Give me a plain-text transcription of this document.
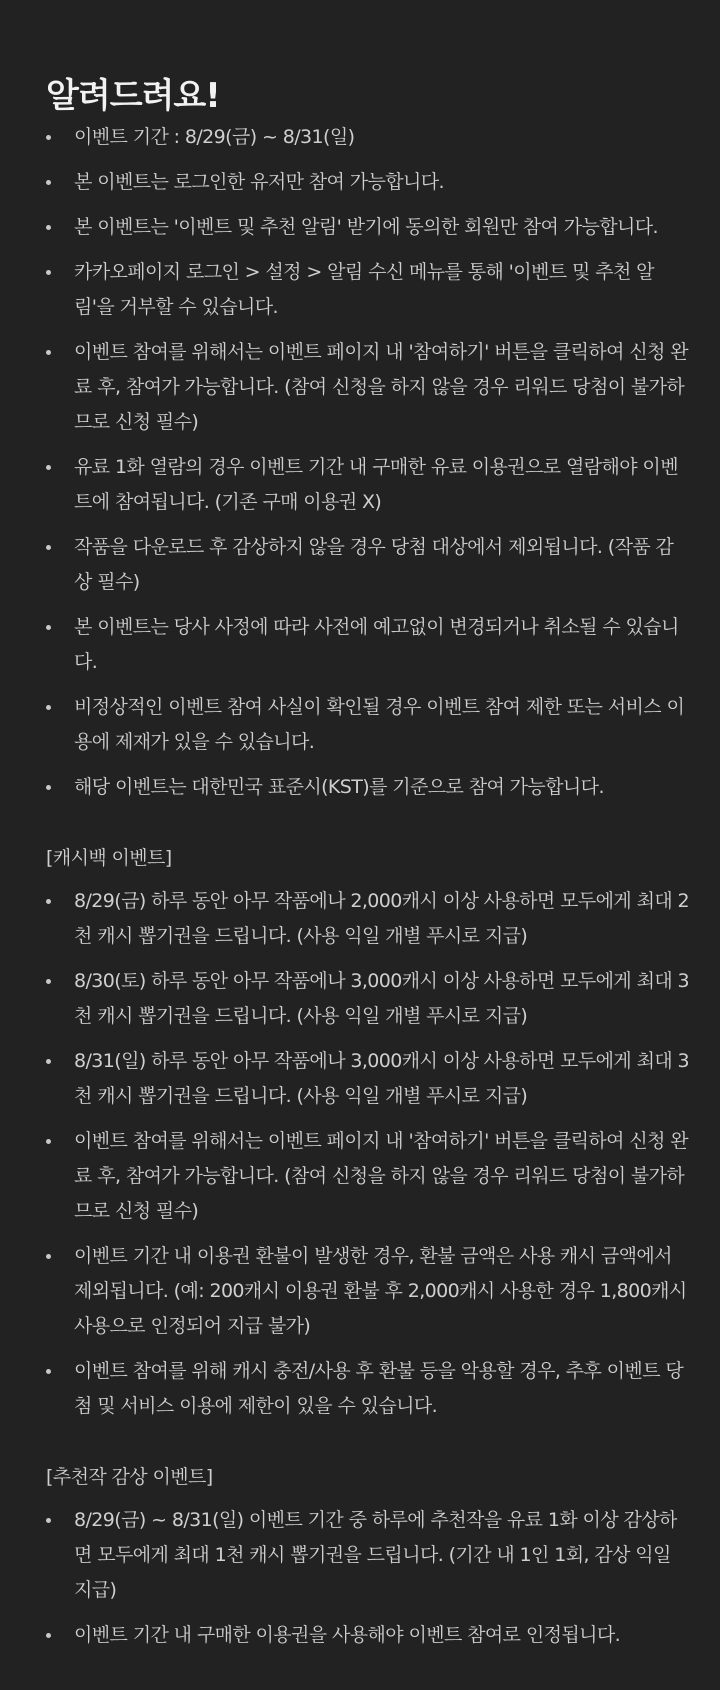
알려드려요!
이벤트 기간 : 8/29(금) ~ 8/31(일)
본 이벤트는 로그인한 유저만 참여 가능합니다.
본 이벤트는 '이벤트 및 추천 알림' 받기에 동의한 회원만 참여 가능합니다.
카카오페이지 로그인 > 설정 > 알림 수신 메뉴를 통해 '이벤트 및 추천 알림'을 거부할 수 있습니다.
이벤트 참여를 위해서는 이벤트 페이지 내 '참여하기' 버튼을 클릭하여 신청 완료 후, 참여가 가능합니다. (참여 신청을 하지 않을 경우 리워드 당첨이 불가하므로 신청 필수)
유료 1화 열람의 경우 이벤트 기간 내 구매한 유료 이용권으로 열람해야 이벤트에 참여됩니다. (기존 구매 이용권 X)
작품을 다운로드 후 감상하지 않을 경우 당첨 대상에서 제외됩니다. (작품 감상 필수)
본 이벤트는 당사 사정에 따라 사전에 예고없이 변경되거나 취소될 수 있습니다.
비정상적인 이벤트 참여 사실이 확인될 경우 이벤트 참여 제한 또는 서비스 이용에 제재가 있을 수 있습니다.
해당 이벤트는 대한민국 표준시(KST)를 기준으로 참여 가능합니다.
[캐시백 이벤트]
8/29(금) 하루 동안 아무 작품에나 2,000캐시 이상 사용하면 모두에게 최대 2천 캐시 뽑기권을 드립니다. (사용 익일 개별 푸시로 지급)
8/30(토) 하루 동안 아무 작품에나 3,000캐시 이상 사용하면 모두에게 최대 3천 캐시 뽑기권을 드립니다. (사용 익일 개별 푸시로 지급)
8/31(일) 하루 동안 아무 작품에나 3,000캐시 이상 사용하면 모두에게 최대 3천 캐시 뽑기권을 드립니다. (사용 익일 개별 푸시로 지급)
이벤트 참여를 위해서는 이벤트 페이지 내 '참여하기' 버튼을 클릭하여 신청 완료 후, 참여가 가능합니다. (참여 신청을 하지 않을 경우 리워드 당첨이 불가하므로 신청 필수)
이벤트 기간 내 이용권 환불이 발생한 경우, 환불 금액은 사용 캐시 금액에서 제외됩니다. (예: 200캐시 이용권 환불 후 2,000캐시 사용한 경우 1,800캐시 사용으로 인정되어 지급 불가)
이벤트 참여를 위해 캐시 충전/사용 후 환불 등을 악용할 경우, 추후 이벤트 당첨 및 서비스 이용에 제한이 있을 수 있습니다.
[추천작 감상 이벤트]
8/29(금) ~ 8/31(일) 이벤트 기간 중 하루에 추천작을 유료 1화 이상 감상하면 모두에게 최대 1천 캐시 뽑기권을 드립니다. (기간 내 1인 1회, 감상 익일 지급)
이벤트 기간 내 구매한 이용권을 사용해야 이벤트 참여로 인정됩니다.
